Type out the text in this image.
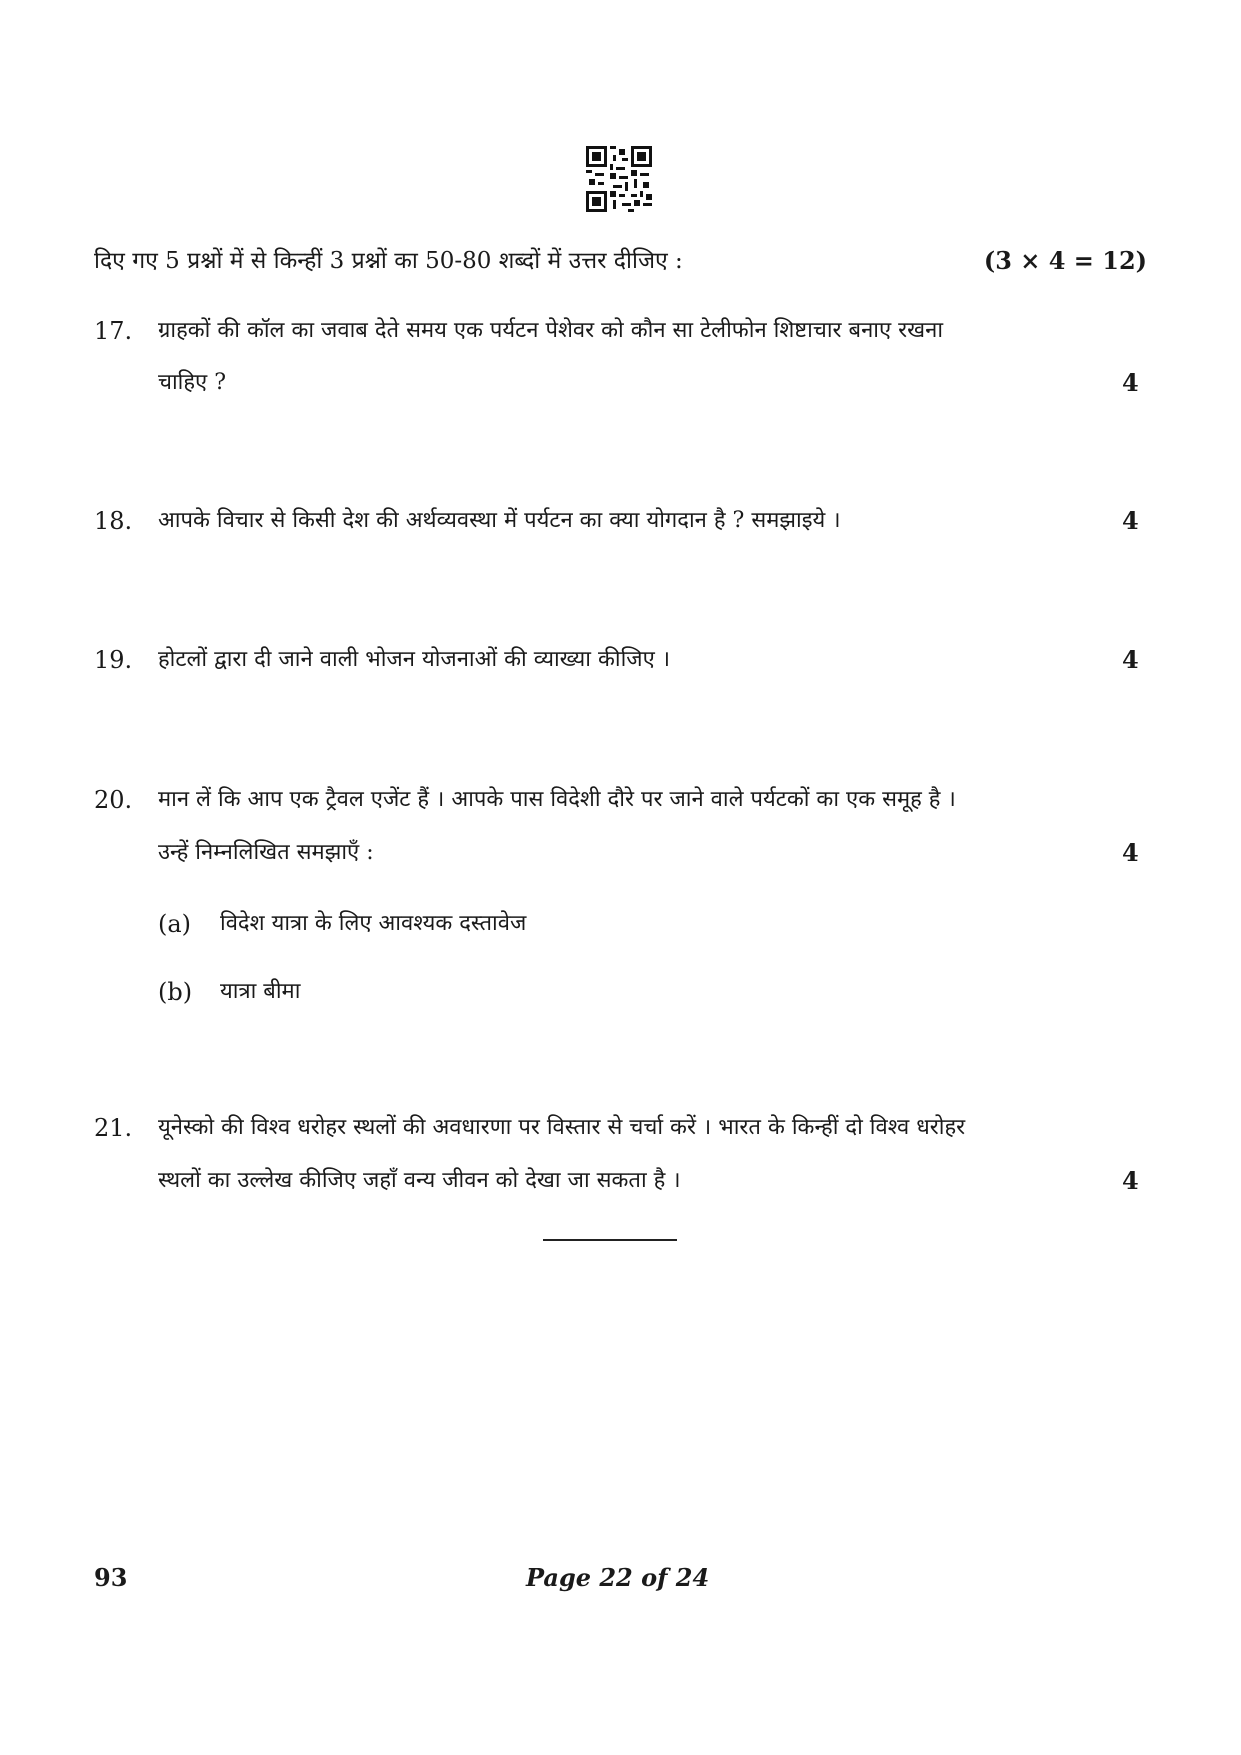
दिए गए 5 प्रश्नों में से किन्हीं 3 प्रश्नों का 50-80 शब्दों में उत्तर दीजिए :	(3 × 4 = 12)
17. ग्राहकों की कॉल का जवाब देते समय एक पर्यटन पेशेवर को कौन सा टेलीफोन शिष्टाचार बनाए रखना
चाहिए ?	4
18. आपके विचार से किसी देश की अर्थव्यवस्था में पर्यटन का क्या योगदान है ? समझाइये ।	4
19. होटलों द्वारा दी जाने वाली भोजन योजनाओं की व्याख्या कीजिए ।	4
20. मान लें कि आप एक ट्रैवल एजेंट हैं । आपके पास विदेशी दौरे पर जाने वाले पर्यटकों का एक समूह है ।
उन्हें निम्नलिखित समझाएँ :	4
(a) विदेश यात्रा के लिए आवश्यक दस्तावेज
(b) यात्रा बीमा
21. यूनेस्को की विश्व धरोहर स्थलों की अवधारणा पर विस्तार से चर्चा करें । भारत के किन्हीं दो विश्व धरोहर
स्थलों का उल्लेख कीजिए जहाँ वन्य जीवन को देखा जा सकता है ।	4
93	Page 22 of 24
